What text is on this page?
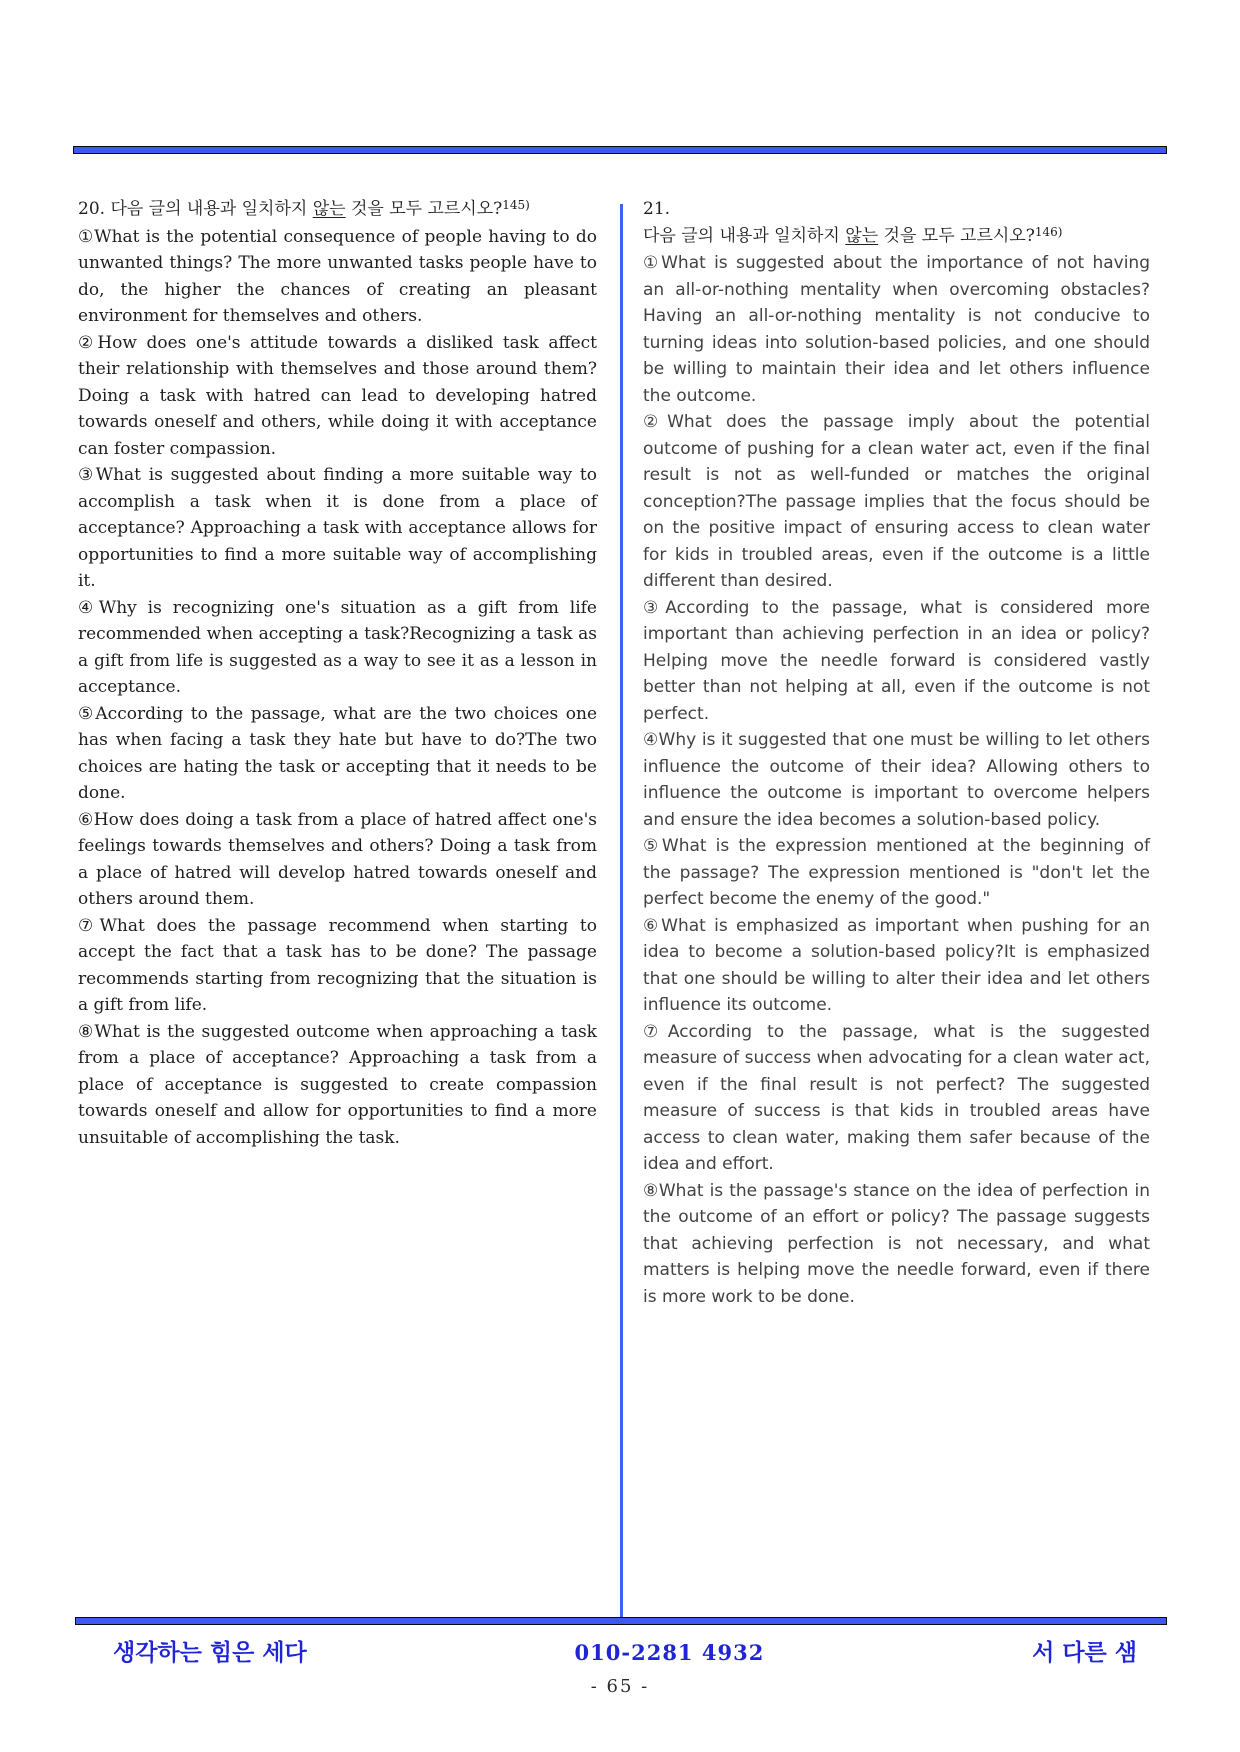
20. 다음 글의 내용과 일치하지 않는 것을 모두 고르시오?$^{145)}$

①What is the potential consequence of people having to do unwanted things? The more unwanted tasks people have to do, the higher the chances of creating an pleasant environment for themselves and others.

②How does one's attitude towards a disliked task affect their relationship with themselves and those around them? Doing a task with hatred can lead to developing hatred towards oneself and others, while doing it with acceptance can foster compassion.

③What is suggested about finding a more suitable way to accomplish a task when it is done from a place of acceptance? Approaching a task with acceptance allows for opportunities to find a more suitable way of accomplishing it.

④Why is recognizing one's situation as a gift from life recommended when accepting a task?Recognizing a task as a gift from life is suggested as a way to see it as a lesson in acceptance.

⑤According to the passage, what are the two choices one has when facing a task they hate but have to do?The two choices are hating the task or accepting that it needs to be done.

⑥How does doing a task from a place of hatred affect one's feelings towards themselves and others? Doing a task from a place of hatred will develop hatred towards oneself and others around them.

⑦What does the passage recommend when starting to accept the fact that a task has to be done? The passage recommends starting from recognizing that the situation is a gift from life.

⑧What is the suggested outcome when approaching a task from a place of acceptance? Approaching a task from a place of acceptance is suggested to create compassion towards oneself and allow for opportunities to find a more unsuitable of accomplishing the task.

21.

다음 글의 내용과 일치하지 않는 것을 모두 고르시오?$^{146)}$

①What is suggested about the importance of not having an all-or-nothing mentality when overcoming obstacles? Having an all-or-nothing mentality is not conducive to turning ideas into solution-based policies, and one should be willing to maintain their idea and let others influence the outcome.

②What does the passage imply about the potential outcome of pushing for a clean water act, even if the final result is not as well-funded or matches the original conception?The passage implies that the focus should be on the positive impact of ensuring access to clean water for kids in troubled areas, even if the outcome is a little different than desired.

③According to the passage, what is considered more important than achieving perfection in an idea or policy? Helping move the needle forward is considered vastly better than not helping at all, even if the outcome is not perfect.

④Why is it suggested that one must be willing to let others influence the outcome of their idea? Allowing others to influence the outcome is important to overcome helpers and ensure the idea becomes a solution-based policy.

⑤What is the expression mentioned at the beginning of the passage? The expression mentioned is "don't let the perfect become the enemy of the good."

⑥What is emphasized as important when pushing for an idea to become a solution-based policy?It is emphasized that one should be willing to alter their idea and let others influence its outcome.

⑦According to the passage, what is the suggested measure of success when advocating for a clean water act, even if the final result is not perfect? The suggested measure of success is that kids in troubled areas have access to clean water, making them safer because of the idea and effort.

⑧What is the passage's stance on the idea of perfection in the outcome of an effort or policy? The passage suggests that achieving perfection is not necessary, and what matters is helping move the needle forward, even if there is more work to be done.

생각하는 힘은 세다	010-2281 4932	서 다른 샘
- 65 -
